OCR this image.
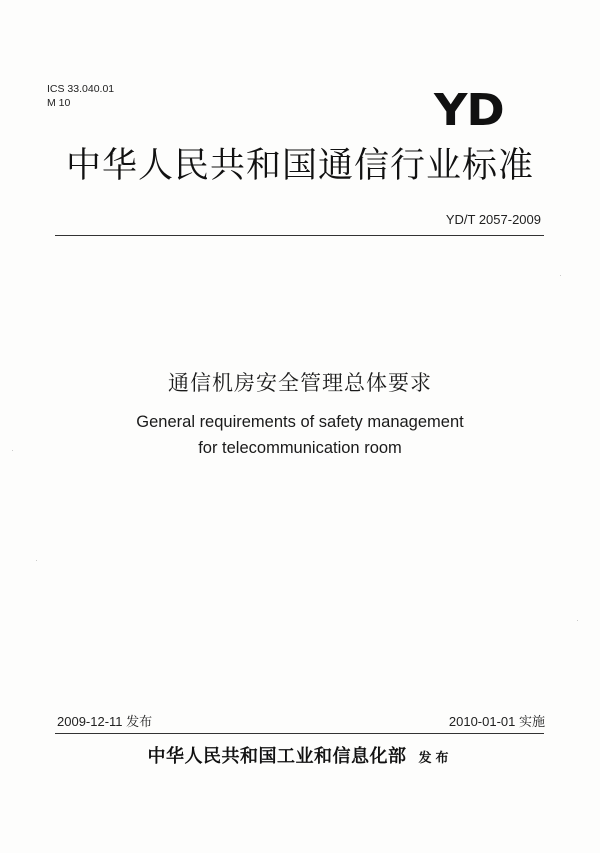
ICS 33.040.01
M 10	YD
中华人民共和国通信行业标准
YD/T 2057-2009
通信机房安全管理总体要求
General requirements of safety management
for telecommunication room
2009-12-11 发布	2010-01-01 实施
中华人民共和国工业和信息化部 发布
